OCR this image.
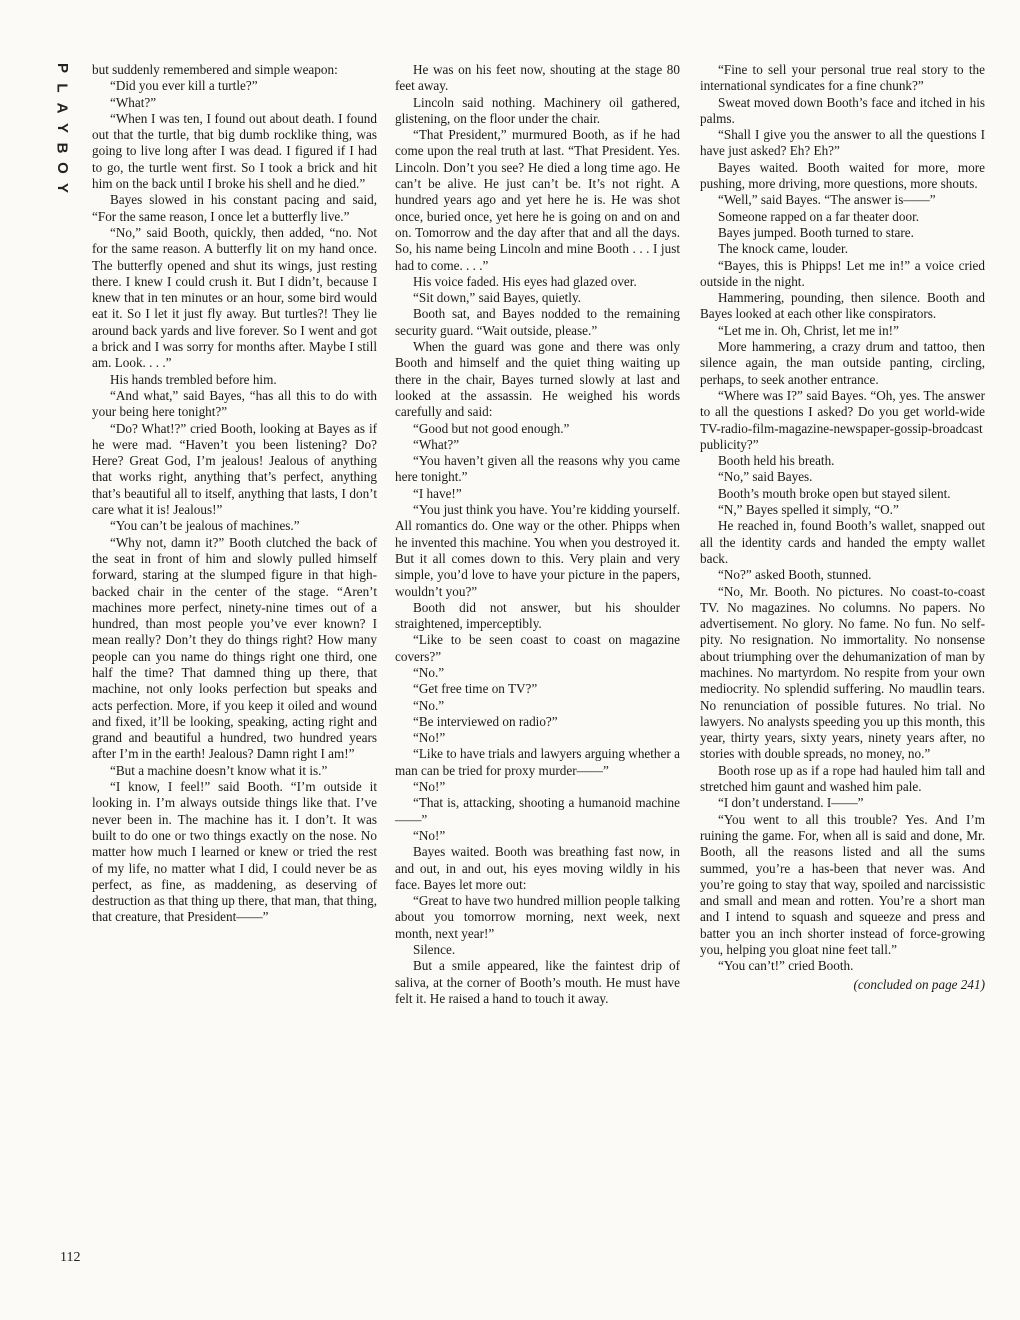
P
L
A
Y
B
O
Y

but suddenly remembered and simple weapon:

“Did you ever kill a turtle?”

“What?”

“When I was ten, I found out about death. I found out that the turtle, that big dumb rocklike thing, was going to live long after I was dead. I figured if I had to go, the turtle went first. So I took a brick and hit him on the back until I broke his shell and he died.”

Bayes slowed in his constant pacing and said, “For the same reason, I once let a butterfly live.”

“No,” said Booth, quickly, then added, “no. Not for the same reason. A butterfly lit on my hand once. The butterfly opened and shut its wings, just resting there. I knew I could crush it. But I didn’t, because I knew that in ten minutes or an hour, some bird would eat it. So I let it just fly away. But turtles?! They lie around back yards and live forever. So I went and got a brick and I was sorry for months after. Maybe I still am. Look. . . .”

His hands trembled before him.

“And what,” said Bayes, “has all this to do with your being here tonight?”

“Do? What!?” cried Booth, looking at Bayes as if he were mad. “Haven’t you been listening? Do? Here? Great God, I’m jealous! Jealous of anything that works right, anything that’s perfect, anything that’s beautiful all to itself, anything that lasts, I don’t care what it is! Jealous!”

“You can’t be jealous of machines.”

“Why not, damn it?” Booth clutched the back of the seat in front of him and slowly pulled himself forward, staring at the slumped figure in that high-backed chair in the center of the stage. “Aren’t machines more perfect, ninety-nine times out of a hundred, than most people you’ve ever known? I mean really? Don’t they do things right? How many people can you name do things right one third, one half the time? That damned thing up there, that machine, not only looks perfection but speaks and acts perfection. More, if you keep it oiled and wound and fixed, it’ll be looking, speaking, acting right and grand and beautiful a hundred, two hundred years after I’m in the earth! Jealous? Damn right I am!”

“But a machine doesn’t know what it is.”

“I know, I feel!” said Booth. “I’m outside it looking in. I’m always outside things like that. I’ve never been in. The machine has it. I don’t. It was built to do one or two things exactly on the nose. No matter how much I learned or knew or tried the rest of my life, no matter what I did, I could never be as perfect, as fine, as maddening, as deserving of destruction as that thing up there, that man, that thing, that creature, that President——”

He was on his feet now, shouting at the stage 80 feet away.

Lincoln said nothing. Machinery oil gathered, glistening, on the floor under the chair.

“That President,” murmured Booth, as if he had come upon the real truth at last. “That President. Yes. Lincoln. Don’t you see? He died a long time ago. He can’t be alive. He just can’t be. It’s not right. A hundred years ago and yet here he is. He was shot once, buried once, yet here he is going on and on and on. Tomorrow and the day after that and all the days. So, his name being Lincoln and mine Booth . . . I just had to come. . . .”

His voice faded. His eyes had glazed over.

“Sit down,” said Bayes, quietly.

Booth sat, and Bayes nodded to the remaining security guard. “Wait outside, please.”

When the guard was gone and there was only Booth and himself and the quiet thing waiting up there in the chair, Bayes turned slowly at last and looked at the assassin. He weighed his words carefully and said:

“Good but not good enough.”

“What?”

“You haven’t given all the reasons why you came here tonight.”

“I have!”

“You just think you have. You’re kidding yourself. All romantics do. One way or the other. Phipps when he invented this machine. You when you destroyed it. But it all comes down to this. Very plain and very simple, you’d love to have your picture in the papers, wouldn’t you?”

Booth did not answer, but his shoulder straightened, imperceptibly.

“Like to be seen coast to coast on magazine covers?”

“No.”

“Get free time on TV?”

“No.”

“Be interviewed on radio?”

“No!”

“Like to have trials and lawyers arguing whether a man can be tried for proxy murder——”

“No!”

“That is, attacking, shooting a humanoid machine——”

“No!”

Bayes waited. Booth was breathing fast now, in and out, in and out, his eyes moving wildly in his face. Bayes let more out:

“Great to have two hundred million people talking about you tomorrow morning, next week, next month, next year!”

Silence.

But a smile appeared, like the faintest drip of saliva, at the corner of Booth’s mouth. He must have felt it. He raised a hand to touch it away.

“Fine to sell your personal true real story to the international syndicates for a fine chunk?”

Sweat moved down Booth’s face and itched in his palms.

“Shall I give you the answer to all the questions I have just asked? Eh? Eh?”

Bayes waited. Booth waited for more, more pushing, more driving, more questions, more shouts.

“Well,” said Bayes. “The answer is——”

Someone rapped on a far theater door.

Bayes jumped. Booth turned to stare.

The knock came, louder.

“Bayes, this is Phipps! Let me in!” a voice cried outside in the night.

Hammering, pounding, then silence. Booth and Bayes looked at each other like conspirators.

“Let me in. Oh, Christ, let me in!”

More hammering, a crazy drum and tattoo, then silence again, the man outside panting, circling, perhaps, to seek another entrance.

“Where was I?” said Bayes. “Oh, yes. The answer to all the questions I asked? Do you get world-wide TV-radio-film-magazine-newspaper-gossip-broadcast publicity?”

Booth held his breath.

“No,” said Bayes.

Booth’s mouth broke open but stayed silent.

“N,” Bayes spelled it simply, “O.”

He reached in, found Booth’s wallet, snapped out all the identity cards and handed the empty wallet back.

“No?” asked Booth, stunned.

“No, Mr. Booth. No pictures. No coast-to-coast TV. No magazines. No columns. No papers. No advertisement. No glory. No fame. No fun. No self-pity. No resignation. No immortality. No nonsense about triumphing over the dehumanization of man by machines. No martyrdom. No respite from your own mediocrity. No splendid suffering. No maudlin tears. No renunciation of possible futures. No trial. No lawyers. No analysts speeding you up this month, this year, thirty years, sixty years, ninety years after, no stories with double spreads, no money, no.”

Booth rose up as if a rope had hauled him tall and stretched him gaunt and washed him pale.

“I don’t understand. I——”

“You went to all this trouble? Yes. And I’m ruining the game. For, when all is said and done, Mr. Booth, all the reasons listed and all the sums summed, you’re a has-been that never was. And you’re going to stay that way, spoiled and narcissistic and small and mean and rotten. You’re a short man and I intend to squash and squeeze and press and batter you an inch shorter instead of force-growing you, helping you gloat nine feet tall.”

“You can’t!” cried Booth.

(concluded on page 241)

112
